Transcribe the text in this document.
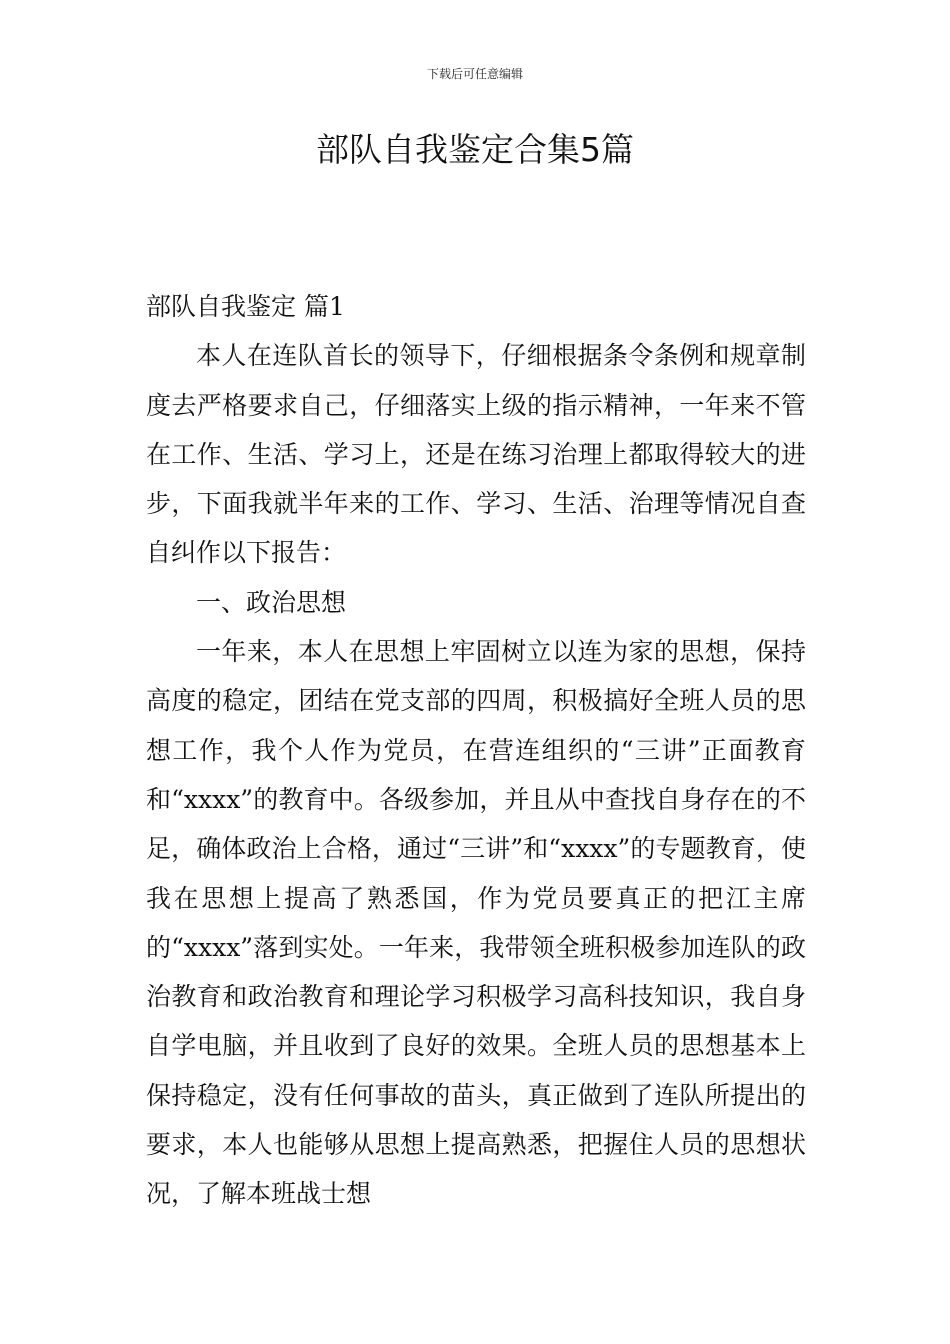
下载后可任意编辑
部队自我鉴定合集5篇

部队自我鉴定 篇1

本人在连队首长的领导下，仔细根据条令条例和规章制度去严格要求自己，仔细落实上级的指示精神，一年来不管在工作、生活、学习上，还是在练习治理上都取得较大的进步，下面我就半年来的工作、学习、生活、治理等情况自查自纠作以下报告：

一、政治思想

一年来，本人在思想上牢固树立以连为家的思想，保持高度的稳定，团结在党支部的四周，积极搞好全班人员的思想工作，我个人作为党员，在营连组织的“三讲”正面教育和“xxxx”的教育中。各级参加，并且从中查找自身存在的不足，确体政治上合格，通过“三讲”和“xxxx”的专题教育，使我在思想上提高了熟悉国，作为党员要真正的把江主席的“xxxx”落到实处。一年来，我带领全班积极参加连队的政治教育和政治教育和理论学习积极学习高科技知识，我自身自学电脑，并且收到了良好的效果。全班人员的思想基本上保持稳定，没有任何事故的苗头，真正做到了连队所提出的要求，本人也能够从思想上提高熟悉，把握住人员的思想状况，了解本班战士想
